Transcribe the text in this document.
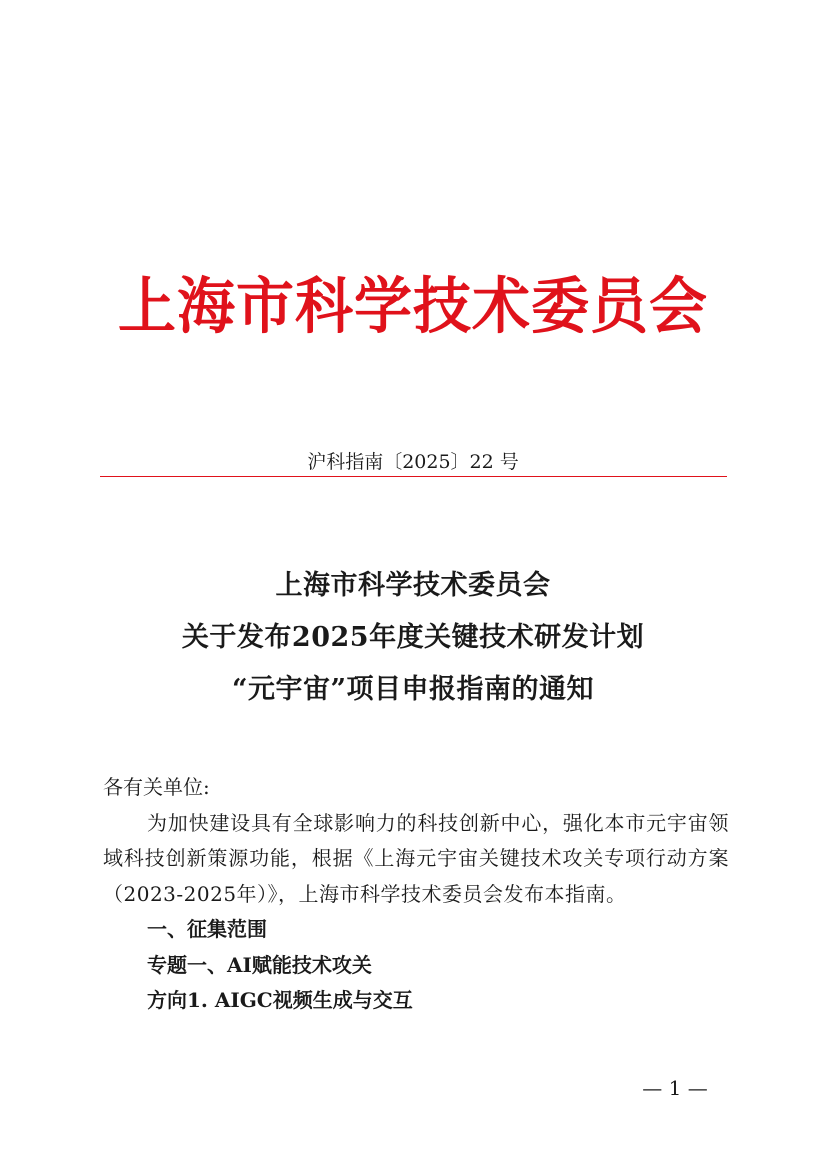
上海市科学技术委员会
沪科指南〔2025〕22 号
上海市科学技术委员会
关于发布2025年度关键技术研发计划
“元宇宙”项目申报指南的通知

各有关单位:

为加快建设具有全球影响力的科技创新中心，强化本市元宇宙领域科技创新策源功能，根据《上海元宇宙关键技术攻关专项行动方案（2023-2025年）》，上海市科学技术委员会发布本指南。

一、征集范围

专题一、AI赋能技术攻关

方向1. AIGC视频生成与交互

— 1 —
